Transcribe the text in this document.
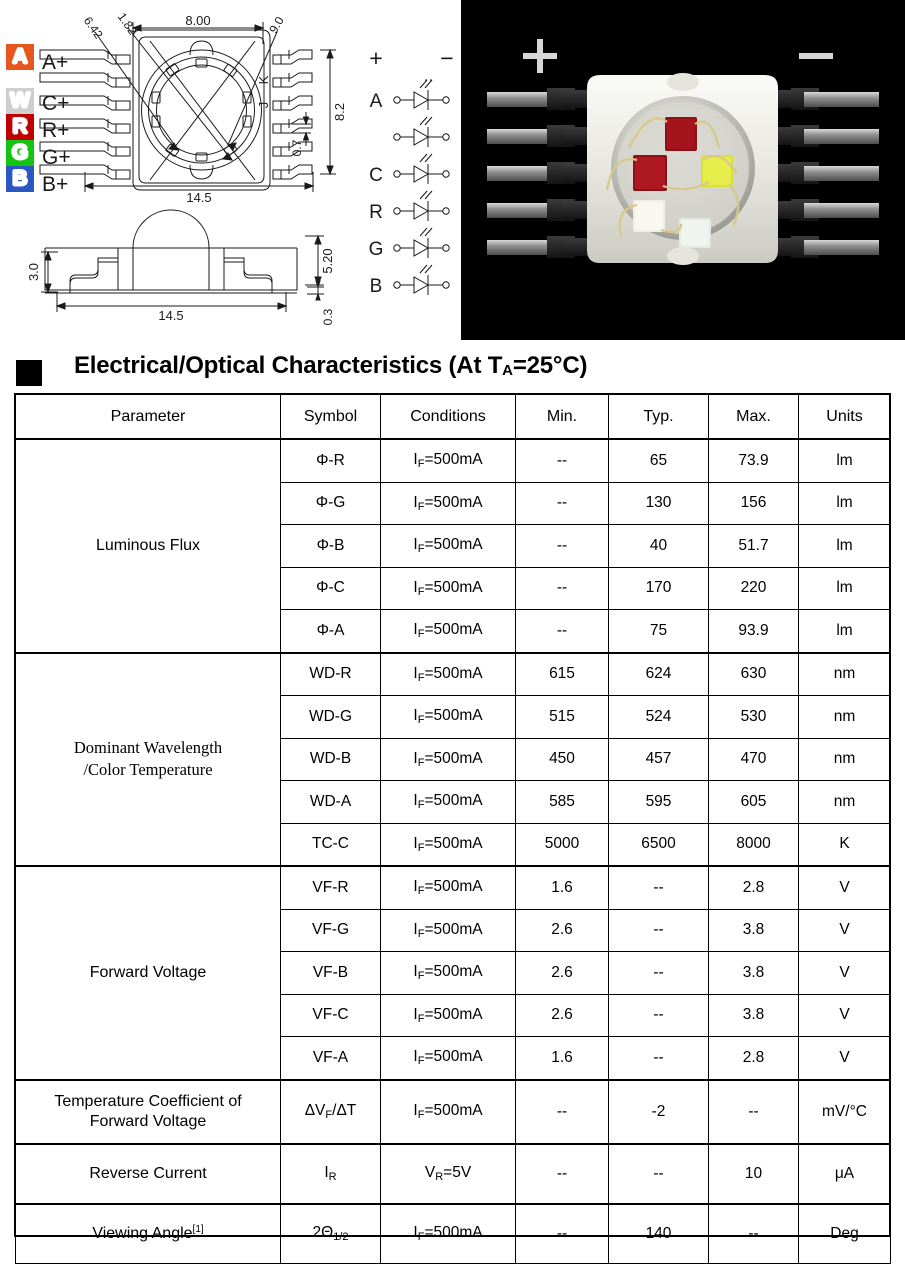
8.00
14.5
8.2
0.7
6.42 1.82	9.0
K
J
3.0
14.5
5.20
0.3
+	−
A
C
R
G
B
A+
C+
R+
G+
B+
A
W
R
G
B
Electrical/Optical Characteristics (At $T_A=25^\circ C$)
Parameter	Symbol	Conditions	Min.	Typ.	Max.	Units
Luminous Flux	Φ-R	$I_F=500mA$	--	65	73.9	lm
	Φ-G	$I_F=500mA$	--	130	156	lm
	Φ-B	$I_F=500mA$	--	40	51.7	lm
	Φ-C	$I_F=500mA$	--	170	220	lm
	Φ-A	$I_F=500mA$	--	75	93.9	lm

Dominant Wavelength
/Color Temperature	WD-R	$I_F=500mA$	615	624	630	nm
	WD-G	$I_F=500mA$	515	524	530	nm
	WD-B	$I_F=500mA$	450	457	470	nm
	WD-A	$I_F=500mA$	585	595	605	nm
	TC-C	$I_F=500mA$	5000	6500	8000	K
Forward Voltage	VF-R	$I_F=500mA$	1.6	--	2.8	V
	VF-G	$I_F=500mA$	2.6	--	3.8	V
	VF-B	$I_F=500mA$	2.6	--	3.8	V
	VF-C	$I_F=500mA$	2.6	--	3.8	V
	VF-A	$I_F=500mA$	1.6	--	2.8	V

Temperature Coefficient of
Forward Voltage	$\Delta V_F/\Delta T$	$I_F=500mA$	--	-2	--	mV/°C
Reverse Current	$I_R$	$V_R=5V$	--	--	10	μA
Viewing Angle[1]	$2\Theta_{1/2}$	$I_F=500mA$	--	140	--	Deg
